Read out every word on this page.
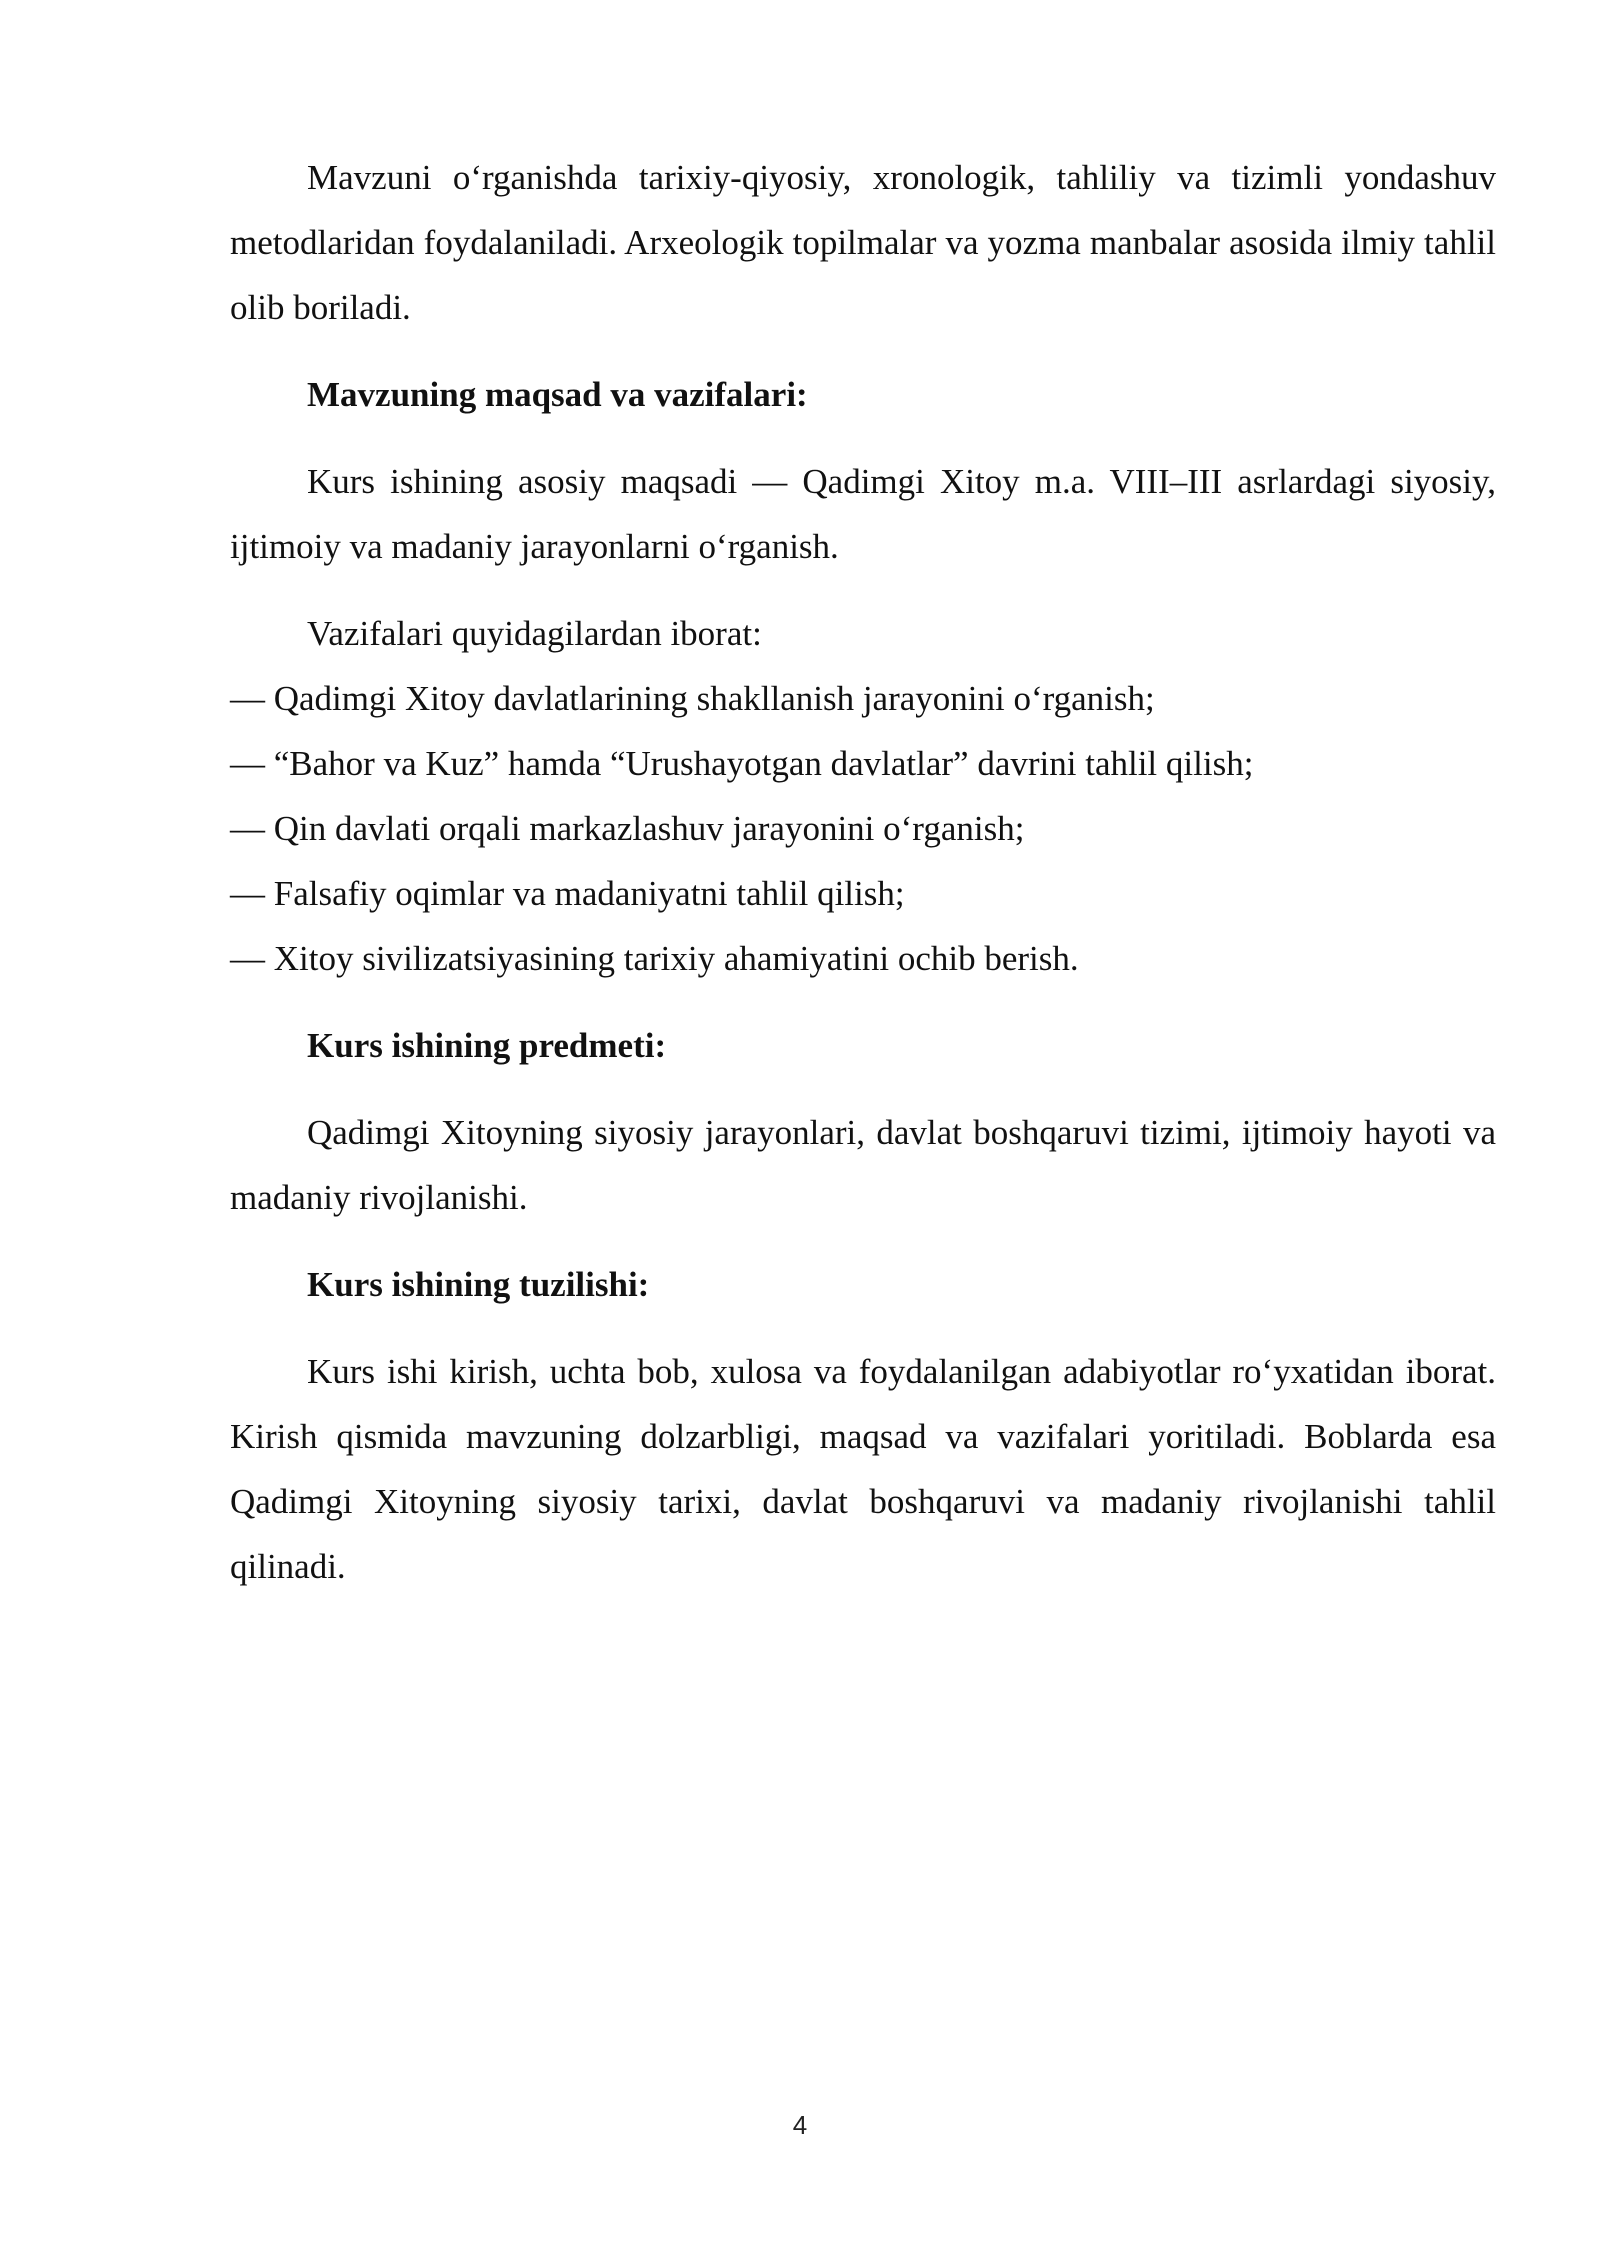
Mavzuni o‘rganishda tarixiy-qiyosiy, xronologik, tahliliy va tizimli yondashuv metodlaridan foydalaniladi. Arxeologik topilmalar va yozma manbalar asosida ilmiy tahlil olib boriladi.

Mavzuning maqsad va vazifalari:

Kurs ishining asosiy maqsadi — Qadimgi Xitoy m.a. VIII–III asrlardagi siyosiy, ijtimoiy va madaniy jarayonlarni o‘rganish.

Vazifalari quyidagilardan iborat:

— Qadimgi Xitoy davlatlarining shakllanish jarayonini o‘rganish;
— “Bahor va Kuz” hamda “Urushayotgan davlatlar” davrini tahlil qilish;
— Qin davlati orqali markazlashuv jarayonini o‘rganish;
— Falsafiy oqimlar va madaniyatni tahlil qilish;
— Xitoy sivilizatsiyasining tarixiy ahamiyatini ochib berish.

Kurs ishining predmeti:

Qadimgi Xitoyning siyosiy jarayonlari, davlat boshqaruvi tizimi, ijtimoiy hayoti va madaniy rivojlanishi.

Kurs ishining tuzilishi:

Kurs ishi kirish, uchta bob, xulosa va foydalanilgan adabiyotlar ro‘yxatidan iborat. Kirish qismida mavzuning dolzarbligi, maqsad va vazifalari yoritiladi. Boblarda esa Qadimgi Xitoyning siyosiy tarixi, davlat boshqaruvi va madaniy rivojlanishi tahlil qilinadi.

4
